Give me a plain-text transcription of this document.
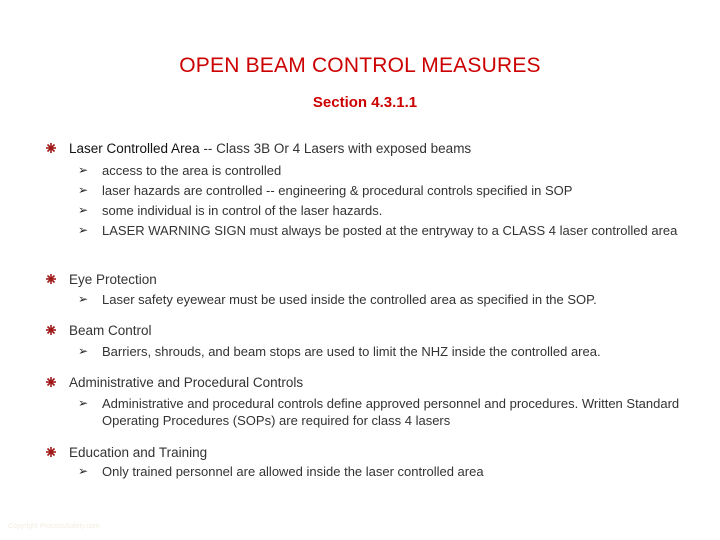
OPEN BEAM CONTROL MEASURES
Section 4.3.1.1
Laser Controlled Area -- Class 3B Or 4 Lasers with exposed beams
➢ access to the area is controlled
➢ laser hazards are controlled -- engineering & procedural controls specified in SOP
➢ some individual is in control of the laser hazards.
➢ LASER WARNING SIGN must always be posted at the entryway to a CLASS 4 laser controlled area
Eye Protection
➢ Laser safety eyewear must be used inside the controlled area as specified in the SOP.
Beam Control
➢ Barriers, shrouds, and beam stops are used to limit the NHZ inside the controlled area.
Administrative and Procedural Controls
➢ Administrative and procedural controls define approved personnel and procedures. Written Standard Operating Procedures (SOPs) are required for class 4 lasers
Education and Training
➢ Only trained personnel are allowed inside the laser controlled area
Copyright ProcessSafety.com
